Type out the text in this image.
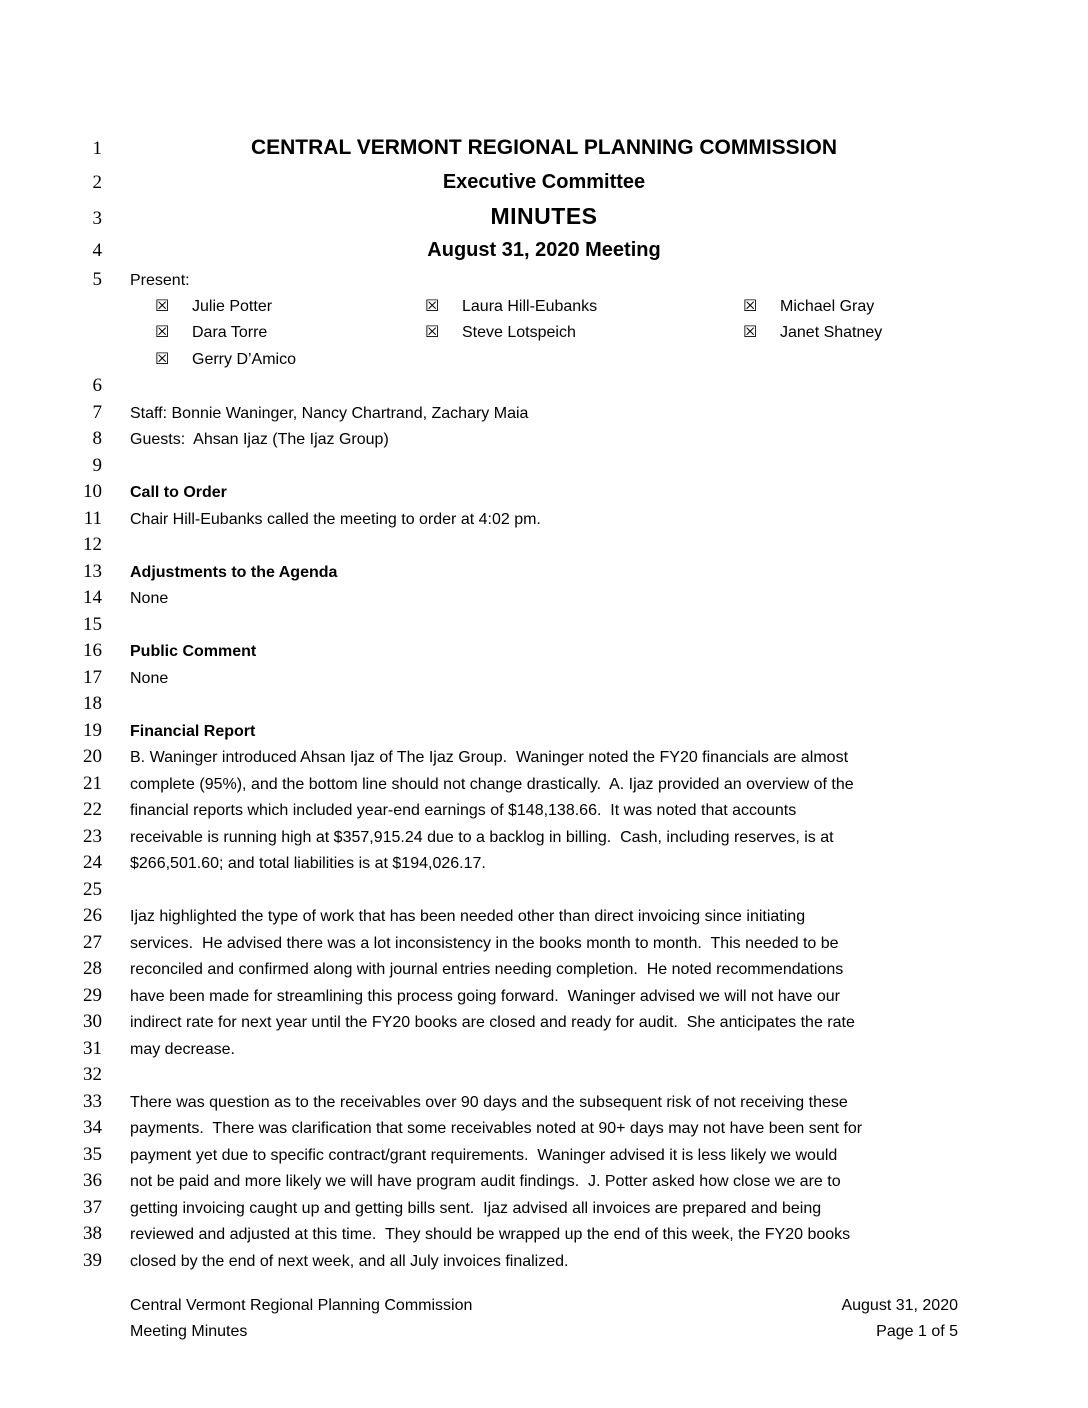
1	CENTRAL VERMONT REGIONAL PLANNING COMMISSION
2	Executive Committee
3	MINUTES
4	August 31, 2020 Meeting
5 Present:
☒	Julie Potter	☒	Laura Hill-Eubanks	☒	Michael Gray
☒	Dara Torre	☒	Steve Lotspeich	☒	Janet Shatney
☒	Gerry D’Amico
6
7 Staff: Bonnie Waninger, Nancy Chartrand, Zachary Maia
8 Guests:  Ahsan Ijaz (The Ijaz Group)
9
10 Call to Order
11 Chair Hill-Eubanks called the meeting to order at 4:02 pm.
12
13 Adjustments to the Agenda
14 None
15
16 Public Comment
17 None
18
19 Financial Report
20 B. Waninger introduced Ahsan Ijaz of The Ijaz Group.  Waninger noted the FY20 financials are almost
21 complete (95%), and the bottom line should not change drastically.  A. Ijaz provided an overview of the
22 financial reports which included year-end earnings of $148,138.66.  It was noted that accounts
23 receivable is running high at $357,915.24 due to a backlog in billing.  Cash, including reserves, is at
24 $266,501.60; and total liabilities is at $194,026.17.
25
26 Ijaz highlighted the type of work that has been needed other than direct invoicing since initiating
27 services.  He advised there was a lot inconsistency in the books month to month.  This needed to be
28 reconciled and confirmed along with journal entries needing completion.  He noted recommendations
29 have been made for streamlining this process going forward.  Waninger advised we will not have our
30 indirect rate for next year until the FY20 books are closed and ready for audit.  She anticipates the rate
31 may decrease.
32
33 There was question as to the receivables over 90 days and the subsequent risk of not receiving these
34 payments.  There was clarification that some receivables noted at 90+ days may not have been sent for
35 payment yet due to specific contract/grant requirements.  Waninger advised it is less likely we would
36 not be paid and more likely we will have program audit findings.  J. Potter asked how close we are to
37 getting invoicing caught up and getting bills sent.  Ijaz advised all invoices are prepared and being
38 reviewed and adjusted at this time.  They should be wrapped up the end of this week, the FY20 books
39 closed by the end of next week, and all July invoices finalized.
Central Vermont Regional Planning Commission
Meeting Minutes
August 31, 2020
Page 1 of 5
